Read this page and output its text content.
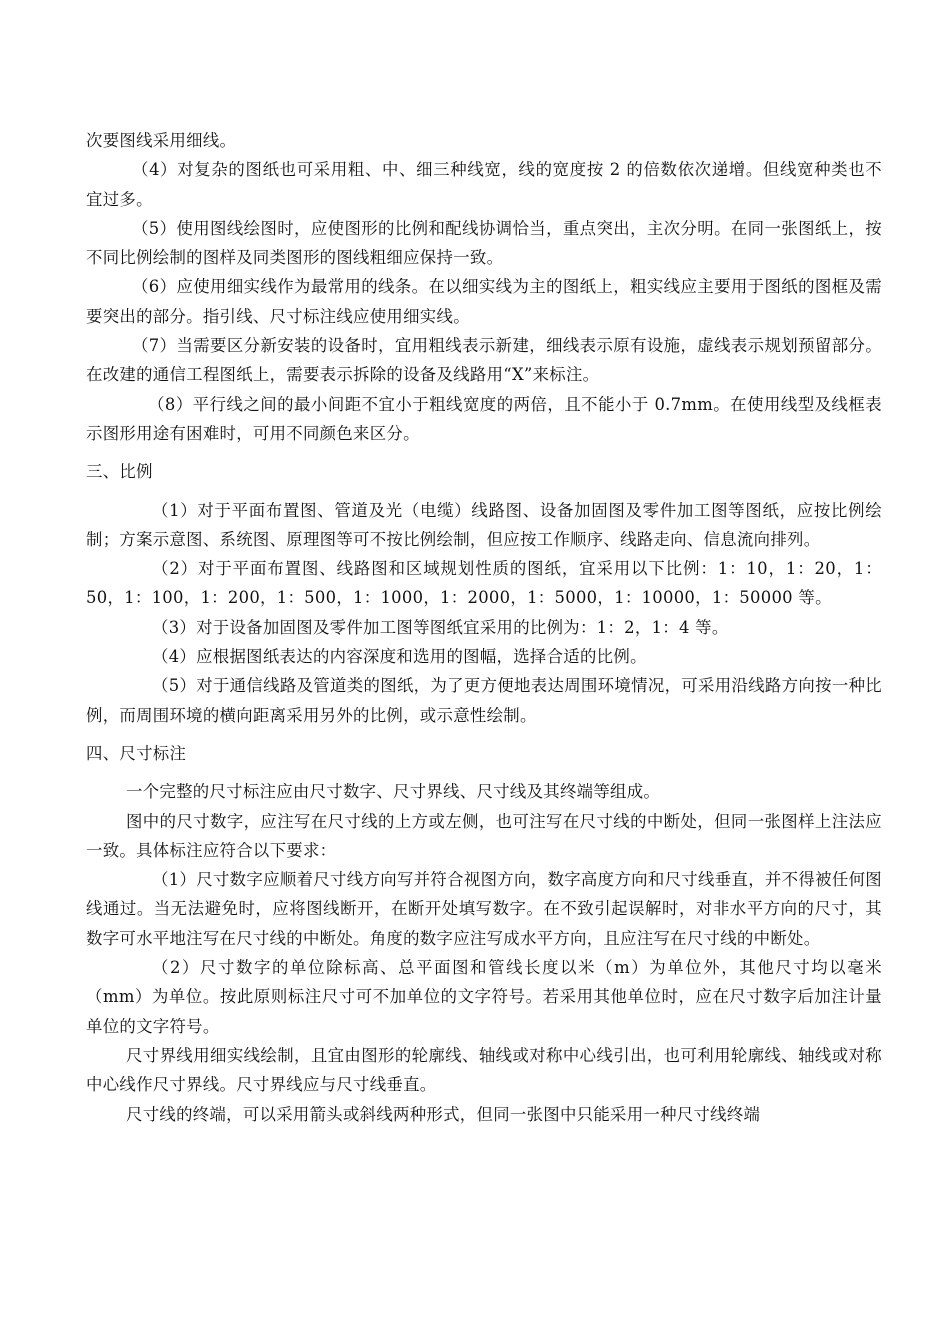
次要图线采用细线。

（4）对复杂的图纸也可采用粗、中、细三种线宽，线的宽度按 2 的倍数依次递增。但线宽种类也不宜过多。

（5）使用图线绘图时，应使图形的比例和配线协调恰当，重点突出，主次分明。在同一张图纸上，按不同比例绘制的图样及同类图形的图线粗细应保持一致。

（6）应使用细实线作为最常用的线条。在以细实线为主的图纸上，粗实线应主要用于图纸的图框及需要突出的部分。指引线、尺寸标注线应使用细实线。

（7）当需要区分新安装的设备时，宜用粗线表示新建，细线表示原有设施，虚线表示规划预留部分。在改建的通信工程图纸上，需要表示拆除的设备及线路用“X”来标注。

（8）平行线之间的最小间距不宜小于粗线宽度的两倍，且不能小于 0.7mm。在使用线型及线框表示图形用途有困难时，可用不同颜色来区分。

三、比例

（1）对于平面布置图、管道及光（电缆）线路图、设备加固图及零件加工图等图纸，应按比例绘制；方案示意图、系统图、原理图等可不按比例绘制，但应按工作顺序、线路走向、信息流向排列。

（2）对于平面布置图、线路图和区域规划性质的图纸，宜采用以下比例：1：10，1：20，1：50，1：100，1：200，1：500，1：1000，1：2000，1：5000，1：10000，1：50000 等。

（3）对于设备加固图及零件加工图等图纸宜采用的比例为：1：2，1：4 等。

（4）应根据图纸表达的内容深度和选用的图幅，选择合适的比例。

（5）对于通信线路及管道类的图纸，为了更方便地表达周围环境情况，可采用沿线路方向按一种比例，而周围环境的横向距离采用另外的比例，或示意性绘制。

四、尺寸标注

一个完整的尺寸标注应由尺寸数字、尺寸界线、尺寸线及其终端等组成。

图中的尺寸数字，应注写在尺寸线的上方或左侧，也可注写在尺寸线的中断处，但同一张图样上注法应一致。具体标注应符合以下要求：

（1）尺寸数字应顺着尺寸线方向写并符合视图方向，数字高度方向和尺寸线垂直，并不得被任何图线通过。当无法避免时，应将图线断开，在断开处填写数字。在不致引起误解时，对非水平方向的尺寸，其数字可水平地注写在尺寸线的中断处。角度的数字应注写成水平方向，且应注写在尺寸线的中断处。

（2）尺寸数字的单位除标高、总平面图和管线长度以米（m）为单位外，其他尺寸均以毫米（mm）为单位。按此原则标注尺寸可不加单位的文字符号。若采用其他单位时，应在尺寸数字后加注计量单位的文字符号。

尺寸界线用细实线绘制，且宜由图形的轮廓线、轴线或对称中心线引出，也可利用轮廓线、轴线或对称中心线作尺寸界线。尺寸界线应与尺寸线垂直。

尺寸线的终端，可以采用箭头或斜线两种形式，但同一张图中只能采用一种尺寸线终端
